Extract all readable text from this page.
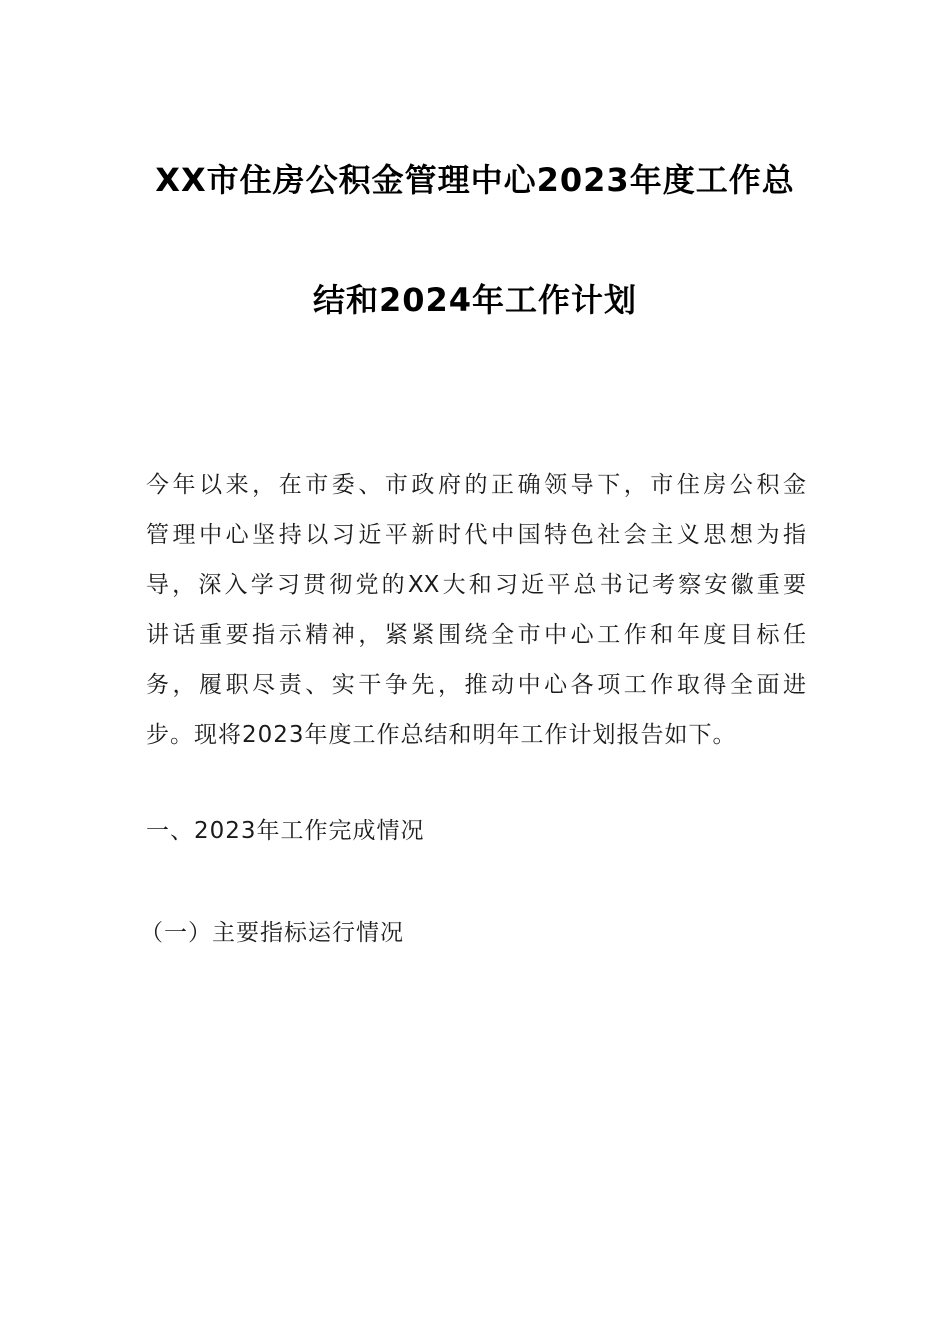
XX市住房公积金管理中心2023年度工作总
结和2024年工作计划
今年以来，在市委、市政府的正确领导下，市住房公积金
管理中心坚持以习近平新时代中国特色社会主义思想为指
导，深入学习贯彻党的XX大和习近平总书记考察安徽重要
讲话重要指示精神，紧紧围绕全市中心工作和年度目标任
务，履职尽责、实干争先，推动中心各项工作取得全面进
步。现将2023年度工作总结和明年工作计划报告如下。
一、2023年工作完成情况
（一）主要指标运行情况
